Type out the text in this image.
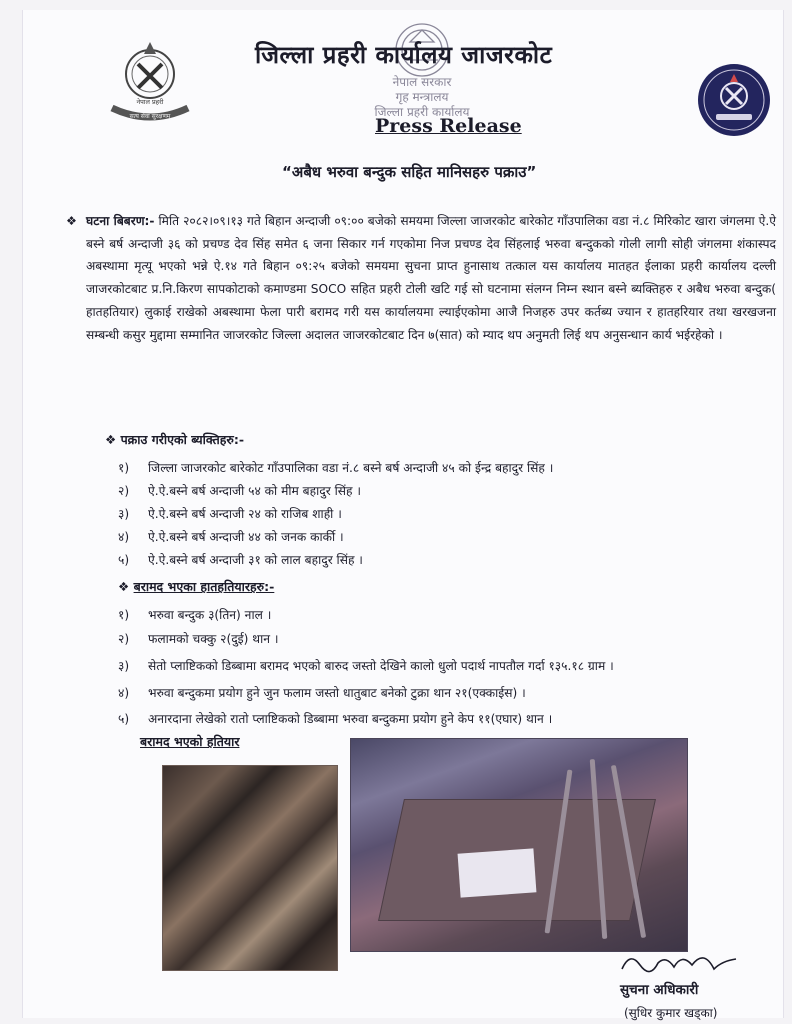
नेपाल प्रहरी
सत्य सेवा सुरक्षणम्
नेपाल सरकार
गृह मन्त्रालय
जिल्ला प्रहरी कार्यालय
जिल्ला प्रहरी कार्यालय जाजरकोट
Press Release
“अबैध भरुवा बन्दुक सहित मानिसहरु पक्राउ”
❖ घटना बिबरण:- मिति २०८२।०९।१३ गते बिहान अन्दाजी ०९:०० बजेको समयमा जिल्ला जाजरकोट बारेकोट गाँउपालिका वडा नं.८ मिरिकोट खारा जंगलमा ऐ.ऐ बस्ने बर्ष अन्दाजी ३६ को प्रचण्ड देव सिंह समेत ६ जना सिकार गर्न गएकोमा निज प्रचण्ड देव सिंहलाई भरुवा बन्दुकको गोली लागी सोही जंगलमा शंकास्पद अबस्थामा मृत्यू भएको भन्ने ऐ.१४ गते बिहान ०९:२५ बजेको समयमा सुचना प्राप्त हुनासाथ तत्काल यस कार्यालय मातहत ईलाका प्रहरी कार्यालय दल्ली जाजरकोटबाट प्र.नि.किरण सापकोटाको कमाण्डमा SOCO सहित प्रहरी टोली खटि गई सो घटनामा संलग्न निम्न स्थान बस्ने ब्यक्तिहरु र अबैध भरुवा बन्दुक( हातहतियार) लुकाई राखेको अबस्थामा फेला पारी बरामद गरी यस कार्यालयमा ल्याईएकोमा आजै निजहरु उपर कर्तब्य ज्यान र हातहरियार तथा खरखजना सम्बन्धी कसुर मुद्दामा सम्मानित जाजरकोट जिल्ला अदालत जाजरकोटबाट दिन ७(सात) को म्याद थप अनुमती लिई थप अनुसन्धान कार्य भईरहेको ।
❖ पक्राउ गरीएको ब्यक्तिहरु:-
१) जिल्ला जाजरकोट बारेकोट गाँउपालिका वडा नं.८ बस्ने बर्ष अन्दाजी ४५ को ईन्द्र बहादुर सिंह ।
२) ऐ.ऐ.बस्ने बर्ष अन्दाजी ५४ को मीम बहादुर सिंह ।
३) ऐ.ऐ.बस्ने बर्ष अन्दाजी २४ को राजिब शाही ।
४) ऐ.ऐ.बस्ने बर्ष अन्दाजी ४४ को जनक कार्की ।
५) ऐ.ऐ.बस्ने बर्ष अन्दाजी ३१ को लाल बहादुर सिंह ।
❖ बरामद भएका हातहतियारहरु:-
१) भरुवा बन्दुक ३(तिन) नाल ।
२) फलामको चक्कु २(दुई) थान ।
३) सेतो प्लाष्टिकको डिब्बामा बरामद भएको बारुद जस्तो देखिने कालो धुलो पदार्थ नापतौल गर्दा १३५.१८ ग्राम ।
४) भरुवा बन्दुकमा प्रयोग हुने जुन फलाम जस्तो धातुबाट बनेको टुक्रा थान २१(एक्काईस) ।
५) अनारदाना लेखेको रातो प्लाष्टिकको डिब्बामा भरुवा बन्दुकमा प्रयोग हुने केप ११(एघार) थान ।
बरामद भएको हतियार
सुचना अधिकारी
(सुधिर कुमार खड्का)
